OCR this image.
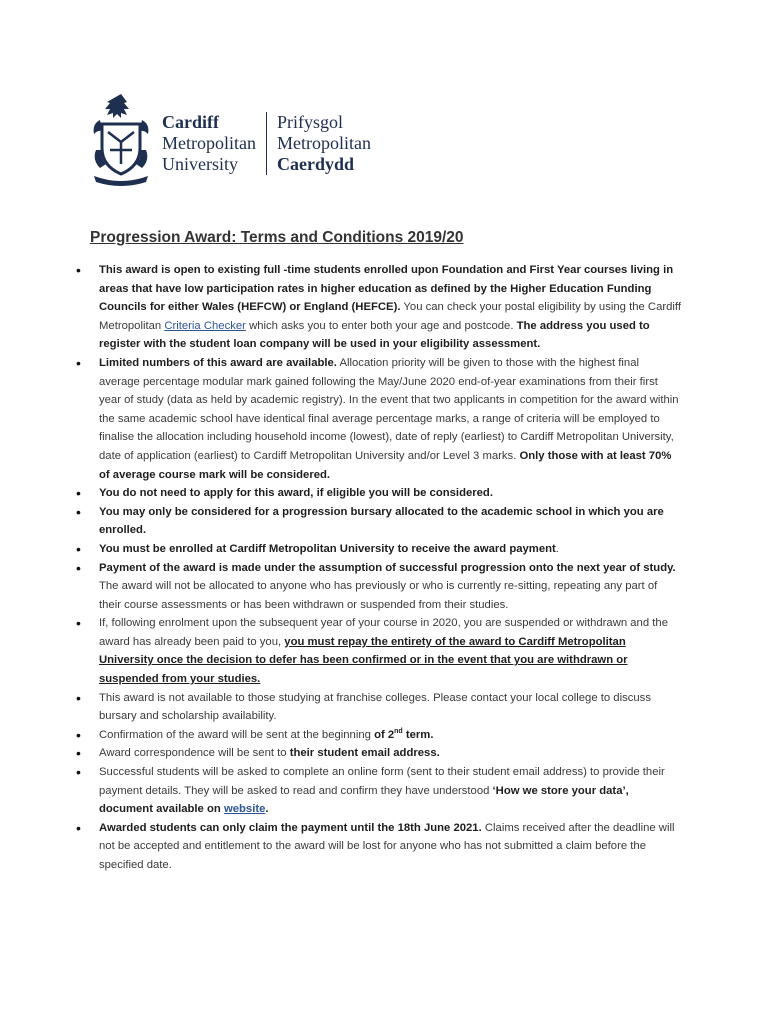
Cardiff
Metropolitan
University
Prifysgol
Metropolitan
Caerdydd
Progression Award: Terms and Conditions 2019/20
• This award is open to existing full -time students enrolled upon Foundation and First Year courses living in areas that have low participation rates in higher education as defined by the Higher Education Funding Councils for either Wales (HEFCW) or England (HEFCE). You can check your postal eligibility by using the Cardiff Metropolitan Criteria Checker which asks you to enter both your age and postcode. The address you used to register with the student loan company will be used in your eligibility assessment.
• Limited numbers of this award are available. Allocation priority will be given to those with the highest final average percentage modular mark gained following the May/June 2020 end-of-year examinations from their first year of study (data as held by academic registry). In the event that two applicants in competition for the award within the same academic school have identical final average percentage marks, a range of criteria will be employed to finalise the allocation including household income (lowest), date of reply (earliest) to Cardiff Metropolitan University, date of application (earliest) to Cardiff Metropolitan University and/or Level 3 marks. Only those with at least 70% of average course mark will be considered.
• You do not need to apply for this award, if eligible you will be considered.
• You may only be considered for a progression bursary allocated to the academic school in which you are enrolled.
• You must be enrolled at Cardiff Metropolitan University to receive the award payment.
• Payment of the award is made under the assumption of successful progression onto the next year of study. The award will not be allocated to anyone who has previously or who is currently re-sitting, repeating any part of their course assessments or has been withdrawn or suspended from their studies.
• If, following enrolment upon the subsequent year of your course in 2020, you are suspended or withdrawn and the award has already been paid to you, you must repay the entirety of the award to Cardiff Metropolitan University once the decision to defer has been confirmed or in the event that you are withdrawn or suspended from your studies.
• This award is not available to those studying at franchise colleges. Please contact your local college to discuss bursary and scholarship availability.
• Confirmation of the award will be sent at the beginning of 2nd term.
• Award correspondence will be sent to their student email address.
• Successful students will be asked to complete an online form (sent to their student email address) to provide their payment details. They will be asked to read and confirm they have understood ‘How we store your data’, document available on website.
• Awarded students can only claim the payment until the 18th June 2021. Claims received after the deadline will not be accepted and entitlement to the award will be lost for anyone who has not submitted a claim before the specified date.
